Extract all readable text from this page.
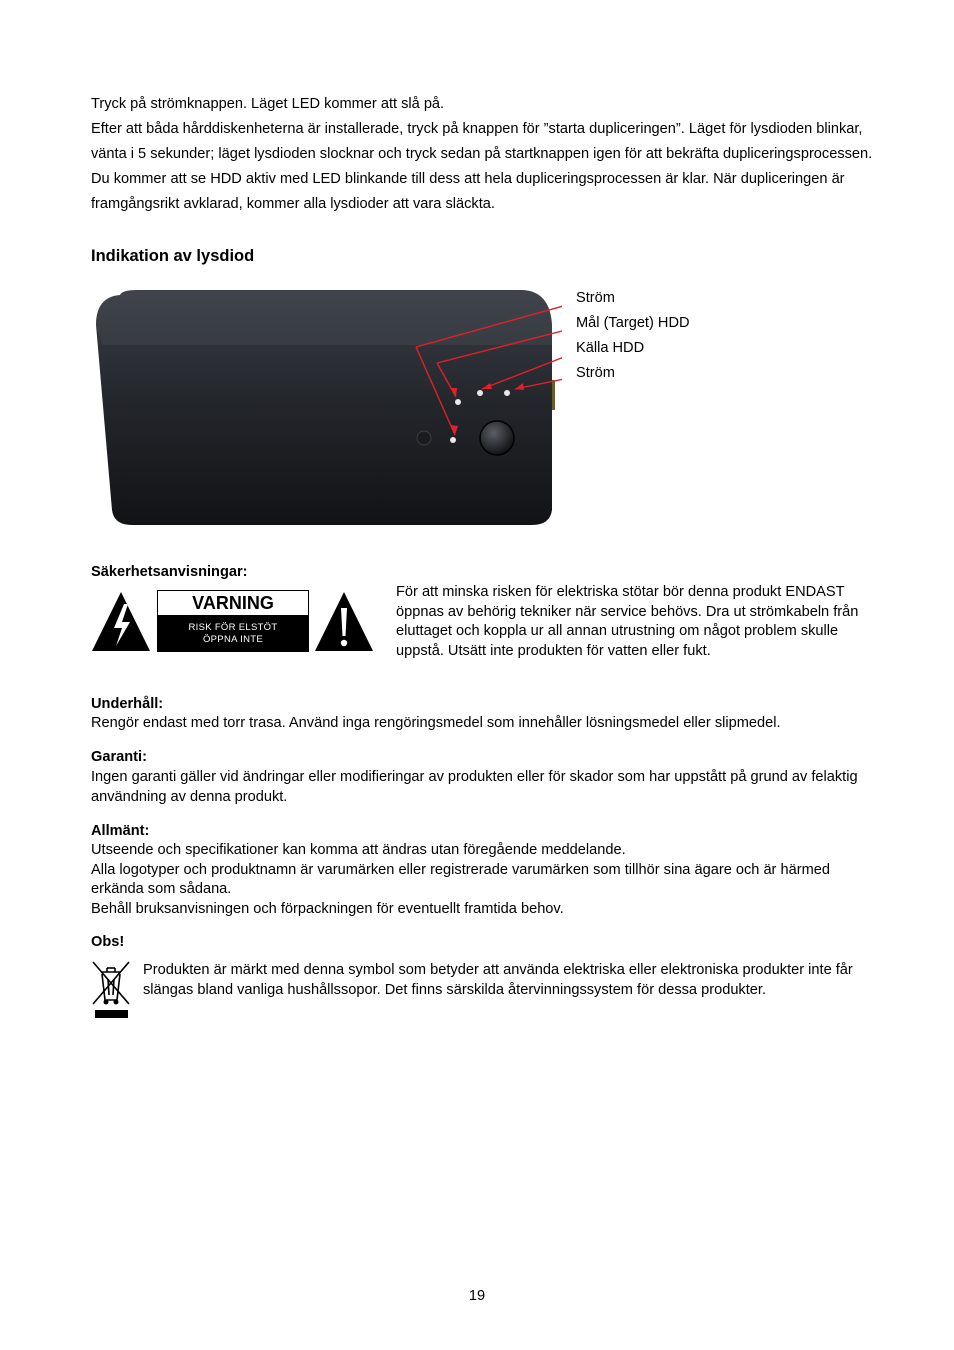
Tryck på strömknappen. Läget LED kommer att slå på.

Efter att båda hårddiskenheterna är installerade, tryck på knappen för ”starta dupliceringen”. Läget för lysdioden blinkar, vänta i 5 sekunder; läget lysdioden slocknar och tryck sedan på startknappen igen för att bekräfta dupliceringsprocessen. Du kommer att se HDD aktiv med LED blinkande till dess att hela dupliceringsprocessen är klar. När dupliceringen är framgångsrikt avklarad, kommer alla lysdioder att vara släckta.

Indikation av lysdiod
Ström
Mål (Target) HDD
Källa HDD
Ström
Säkerhetsanvisningar:
VARNING
RISK FÖR ELSTÖT
ÖPPNA INTE
För att minska risken för elektriska stötar bör denna produkt ENDAST öppnas av behörig tekniker när service behövs. Dra ut strömkabeln från eluttaget och koppla ur all annan utrustning om något problem skulle uppstå. Utsätt inte produkten för vatten eller fukt.
Underhåll:
Rengör endast med torr trasa. Använd inga rengöringsmedel som innehåller lösningsmedel eller slipmedel.
Garanti:
Ingen garanti gäller vid ändringar eller modifieringar av produkten eller för skador som har uppstått på grund av felaktig användning av denna produkt.
Allmänt:

Utseende och specifikationer kan komma att ändras utan föregående meddelande.

Alla logotyper och produktnamn är varumärken eller registrerade varumärken som tillhör sina ägare och är härmed erkända som sådana.

Behåll bruksanvisningen och förpackningen för eventuellt framtida behov.

Obs!
Produkten är märkt med denna symbol som betyder att använda elektriska eller elektroniska produkter inte får slängas bland vanliga hushållssopor. Det finns särskilda återvinningssystem för dessa produkter.
19
